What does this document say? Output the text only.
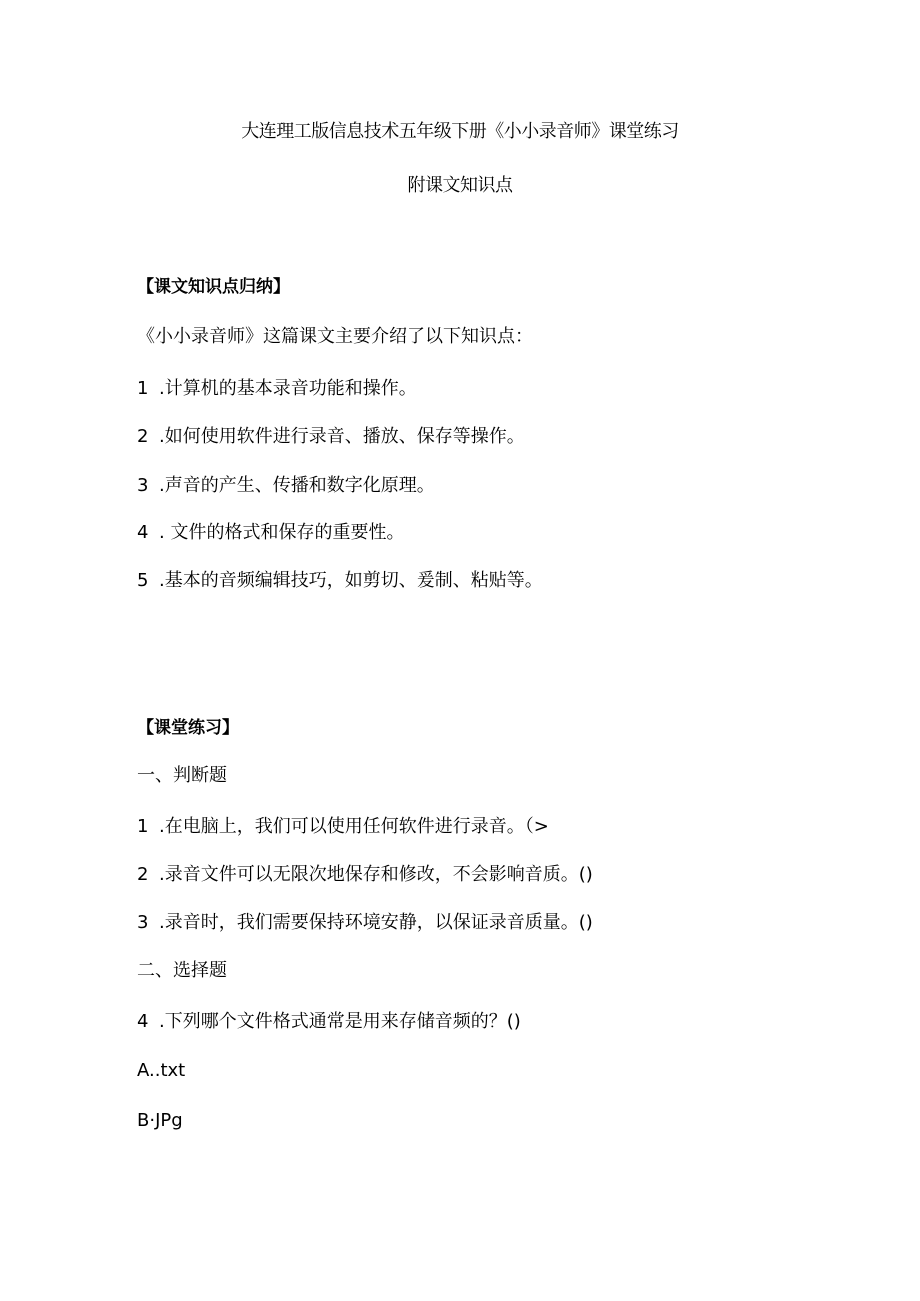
大连理工版信息技术五年级下册《小小录音师》课堂练习
附课文知识点
【课文知识点归纳】
《小小录音师》这篇课文主要介绍了以下知识点：
1 .计算机的基本录音功能和操作。
2 .如何使用软件进行录音、播放、保存等操作。
3 .声音的产生、传播和数字化原理。
4 . 文件的格式和保存的重要性。
5 .基本的音频编辑技巧，如剪切、爰制、粘贴等。
【课堂练习】
一、判断题
1 .在电脑上，我们可以使用任何软件进行录音。（>
2 .录音文件可以无限次地保存和修改，不会影响音质。()
3 .录音时，我们需要保持环境安静，以保证录音质量。()
二、选择题
4 .下列哪个文件格式通常是用来存储音频的？()
A..txt
B·JPg
